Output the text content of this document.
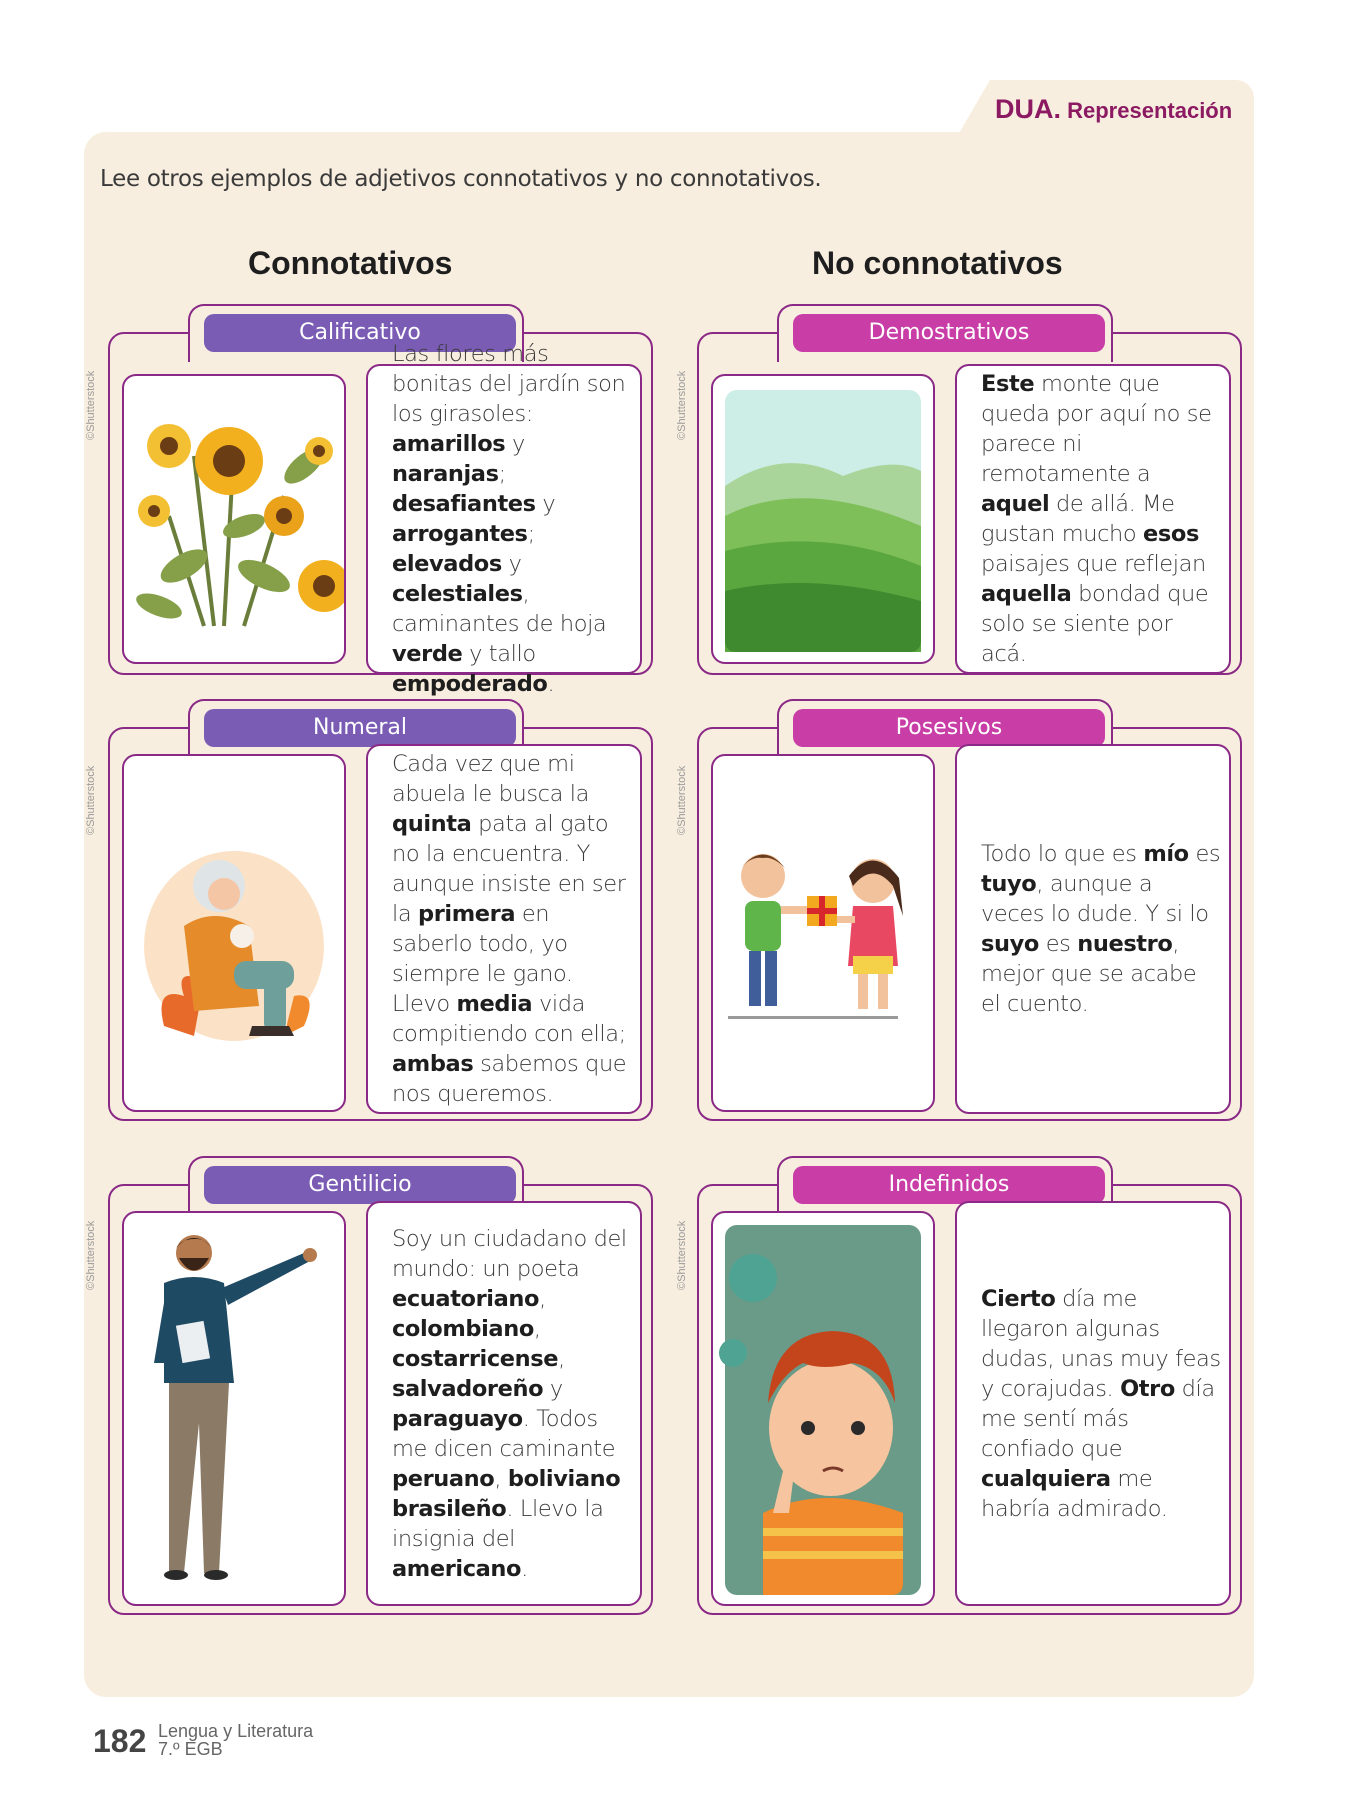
DUA. Representación
Lee otros ejemplos de adjetivos connotativos y no connotativos.
Connotativos	No connotativos
Calificativo
Las flores más bonitas del jardín son los girasoles: amarillos y naranjas; desafiantes y arrogantes; elevados y celestiales, caminantes de hoja verde y tallo empoderado.
©Shutterstock
Demostrativos
Este monte que queda por aquí no se parece ni remotamente a aquel de allá. Me gustan mucho esos paisajes que reflejan aquella bondad que solo se siente por acá.
©Shutterstock
Numeral
Cada vez que mi abuela le busca la quinta pata al gato no la encuentra. Y aunque insiste en ser la primera en saberlo todo, yo siempre le gano. Llevo media vida compitiendo con ella; ambas sabemos que nos queremos.
©Shutterstock
Posesivos
Todo lo que es mío es tuyo, aunque a veces lo dude. Y si lo suyo es nuestro, mejor que se acabe el cuento.
©Shutterstock
Gentilicio
Soy un ciudadano del mundo: un poeta ecuatoriano, colombiano, costarricense, salvadoreño y paraguayo. Todos me dicen caminante peruano, boliviano brasileño. Llevo la insignia del americano.
©Shutterstock
Indefinidos
Cierto día me llegaron algunas dudas, unas muy feas y corajudas. Otro día me sentí más confiado que cualquiera me habría admirado.
©Shutterstock
182 Lengua y Literatura
7.º EGB
